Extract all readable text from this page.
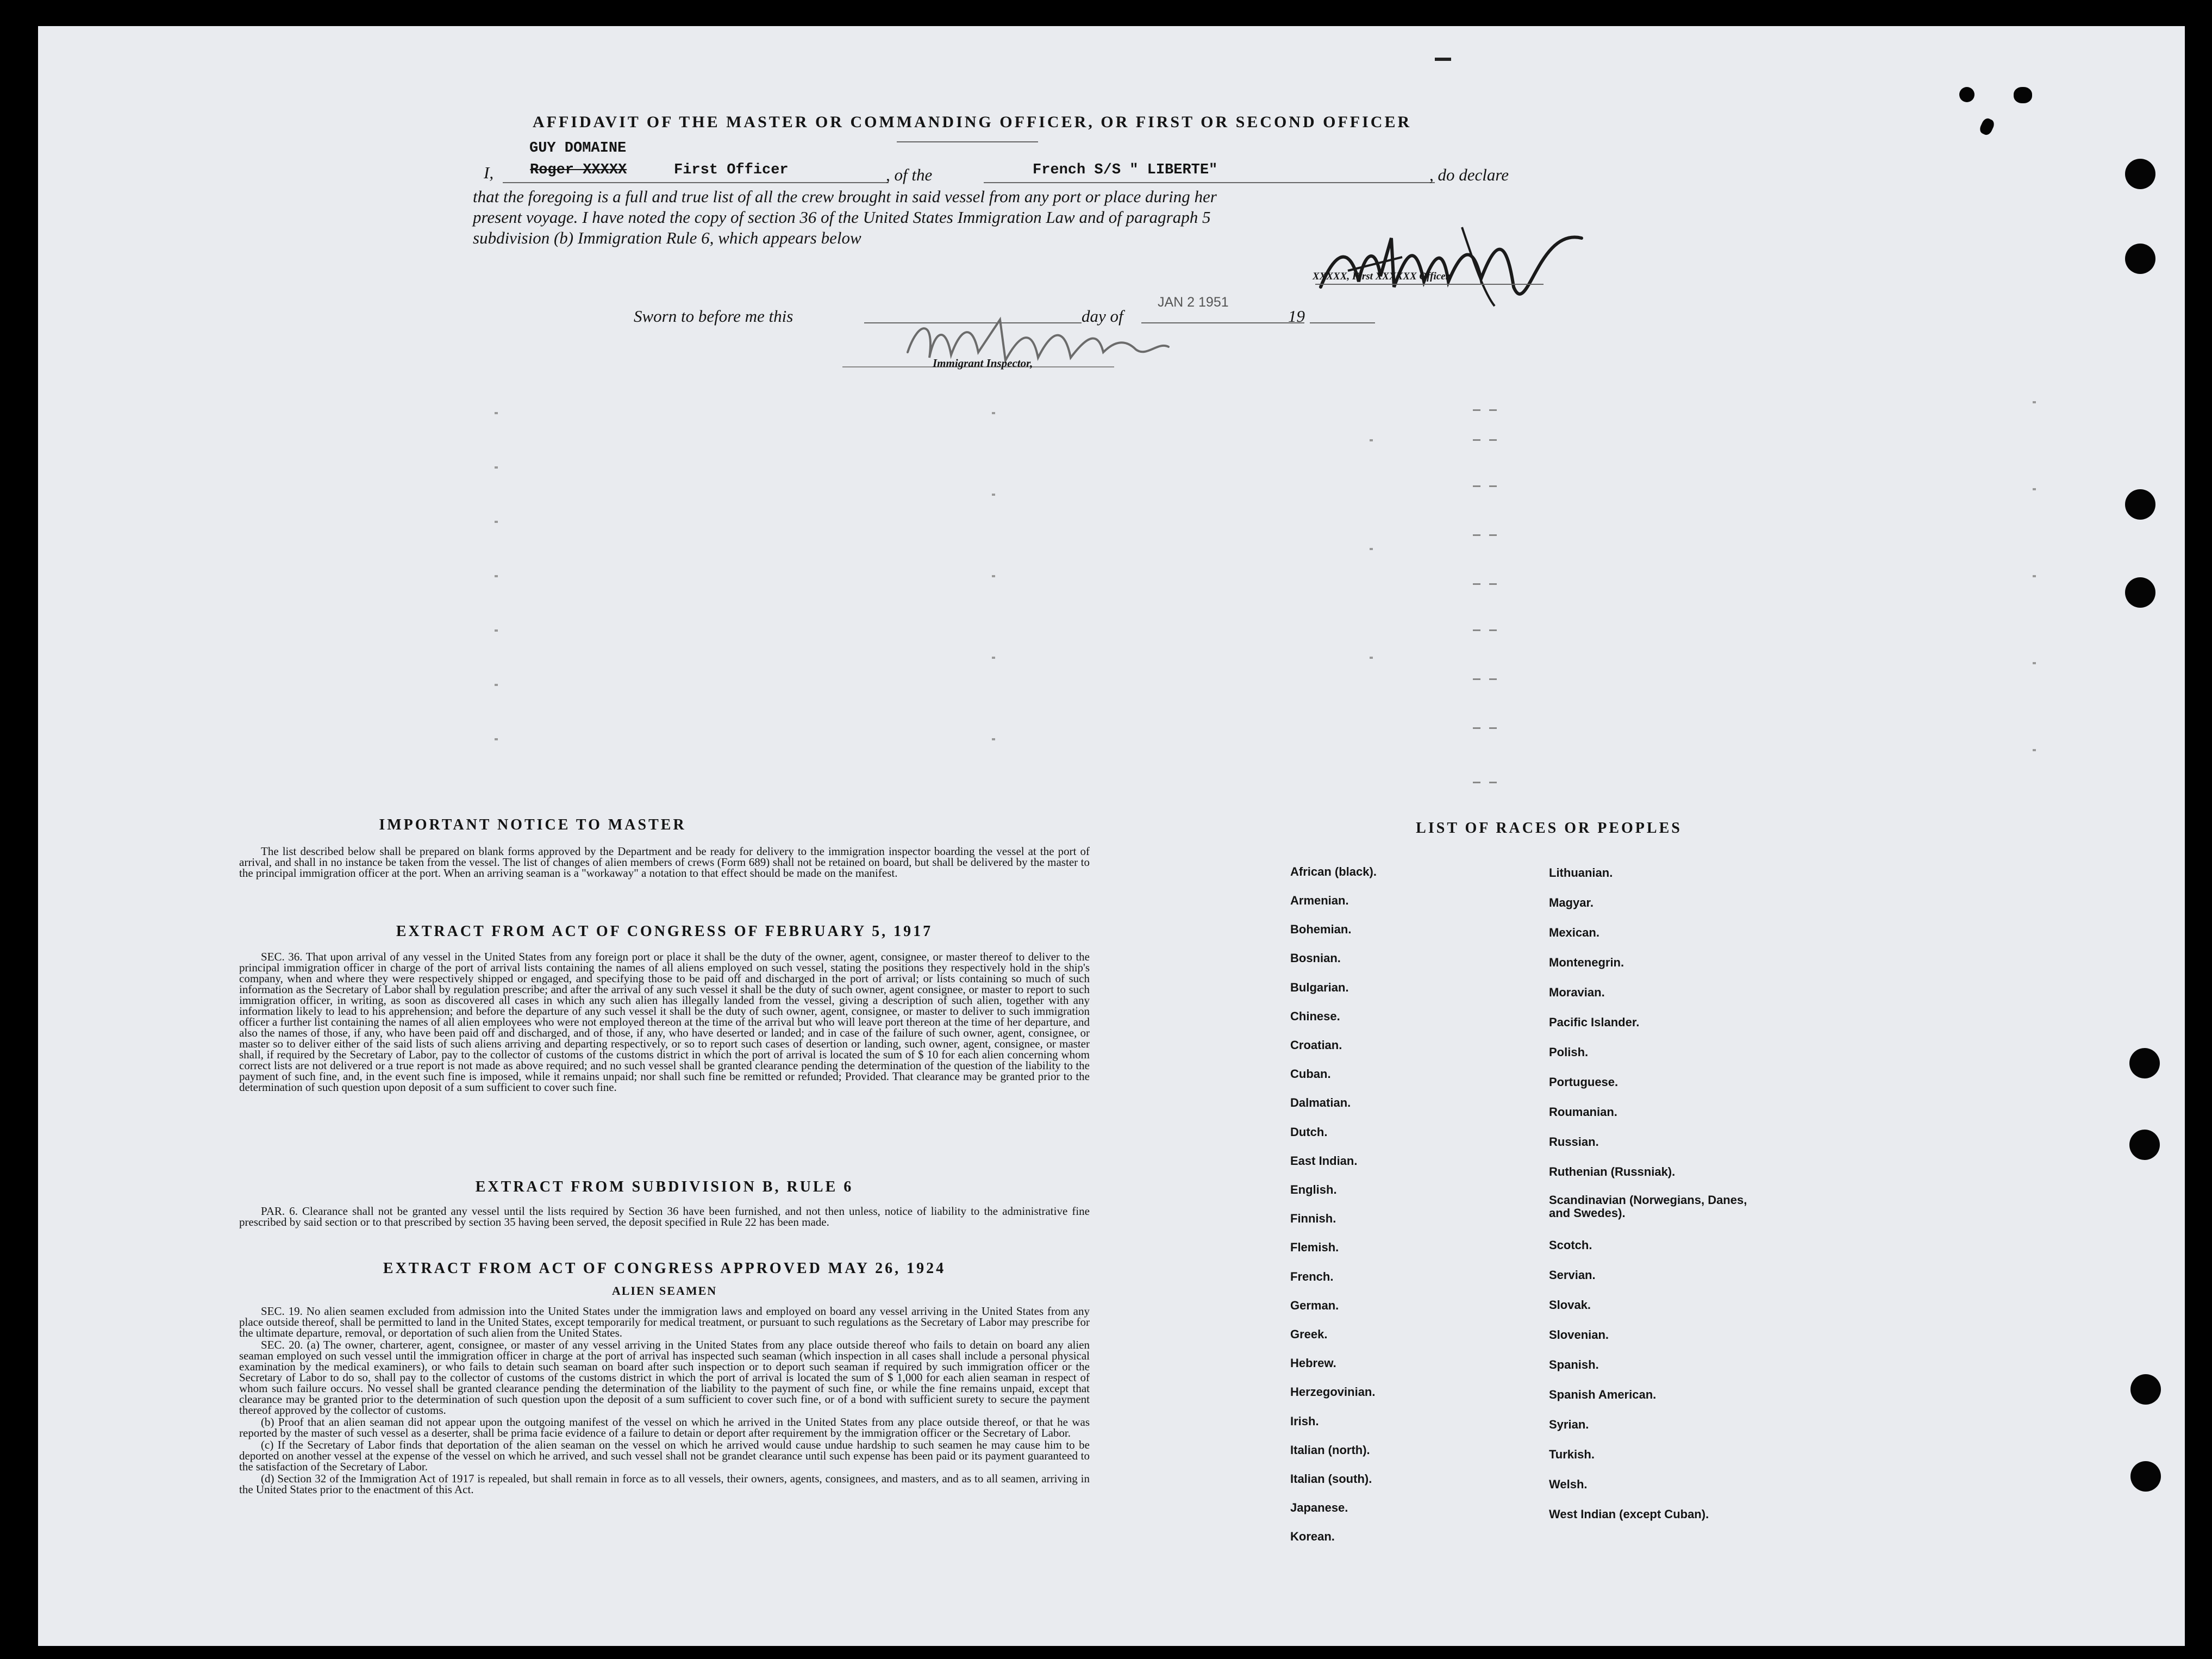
AFFIDAVIT OF THE MASTER OR COMMANDING OFFICER, OR FIRST OR SECOND OFFICER
GUY DOMAINE
I, Roger XXXXX	First Officer	, of the	French S/S " LIBERTE"	, do declare
that the foregoing is a full and true list of all the crew brought in said vessel from any port or place during her
present voyage. I have noted the copy of section 36 of the United States Immigration Law and of paragraph 5
subdivision (b) Immigration Rule 6, which appears below
XXXXX, First XXXXXX Officer.
Sworn to before me this	day of
JAN 2 1951
19
Immigrant Inspector,
IMPORTANT NOTICE TO MASTER

The list described below shall be prepared on blank forms approved by the Department and be ready for delivery to the immigration inspector boarding the vessel at the port of arrival, and shall in no instance be taken from the vessel. The list of changes of alien members of crews (Form 689) shall not be retained on board, but shall be delivered by the master to the principal immigration officer at the port. When an arriving seaman is a "workaway" a notation to that effect should be made on the manifest.

EXTRACT FROM ACT OF CONGRESS OF FEBRUARY 5, 1917

SEC. 36. That upon arrival of any vessel in the United States from any foreign port or place it shall be the duty of the owner, agent, consignee, or master thereof to deliver to the principal immigration officer in charge of the port of arrival lists containing the names of all aliens employed on such vessel, stating the positions they respectively hold in the ship's company, when and where they were respectively shipped or engaged, and specifying those to be paid off and discharged in the port of arrival; or lists containing so much of such information as the Secretary of Labor shall by regulation prescribe; and after the arrival of any such vessel it shall be the duty of such owner, agent consignee, or master to report to such immigration officer, in writing, as soon as discovered all cases in which any such alien has illegally landed from the vessel, giving a description of such alien, together with any information likely to lead to his apprehension; and before the departure of any such vessel it shall be the duty of such owner, agent, consignee, or master to deliver to such immigration officer a further list containing the names of all alien employees who were not employed thereon at the time of the arrival but who will leave port thereon at the time of her departure, and also the names of those, if any, who have been paid off and discharged, and of those, if any, who have deserted or landed; and in case of the failure of such owner, agent, consignee, or master so to deliver either of the said lists of such aliens arriving and departing respectively, or so to report such cases of desertion or landing, such owner, agent, consignee, or master shall, if required by the Secretary of Labor, pay to the collector of customs of the customs district in which the port of arrival is located the sum of $ 10 for each alien concerning whom correct lists are not delivered or a true report is not made as above required; and no such vessel shall be granted clearance pending the determination of the question of the liability to the payment of such fine, and, in the event such fine is imposed, while it remains unpaid; nor shall such fine be remitted or refunded; Provided. That clearance may be granted prior to the determination of such question upon deposit of a sum sufficient to cover such fine.

EXTRACT FROM SUBDIVISION B, RULE 6

PAR. 6. Clearance shall not be granted any vessel until the lists required by Section 36 have been furnished, and not then unless, notice of liability to the administrative fine prescribed by said section or to that prescribed by section 35 having been served, the deposit specified in Rule 22 has been made.

EXTRACT FROM ACT OF CONGRESS APPROVED MAY 26, 1924
ALIEN SEAMEN

SEC. 19. No alien seamen excluded from admission into the United States under the immigration laws and employed on board any vessel arriving in the United States from any place outside thereof, shall be permitted to land in the United States, except temporarily for medical treatment, or pursuant to such regulations as the Secretary of Labor may prescribe for the ultimate departure, removal, or deportation of such alien from the United States.

SEC. 20. (a) The owner, charterer, agent, consignee, or master of any vessel arriving in the United States from any place outside thereof who fails to detain on board any alien seaman employed on such vessel until the immigration officer in charge at the port of arrival has inspected such seaman (which inspection in all cases shall include a personal physical examination by the medical examiners), or who fails to detain such seaman on board after such inspection or to deport such seaman if required by such immigration officer or the Secretary of Labor to do so, shall pay to the collector of customs of the customs district in which the port of arrival is located the sum of $ 1,000 for each alien seaman in respect of whom such failure occurs. No vessel shall be granted clearance pending the determination of the liability to the payment of such fine, or while the fine remains unpaid, except that clearance may be granted prior to the determination of such question upon the deposit of a sum sufficient to cover such fine, or of a bond with sufficient surety to secure the payment thereof approved by the collector of customs.

(b) Proof that an alien seaman did not appear upon the outgoing manifest of the vessel on which he arrived in the United States from any place outside thereof, or that he was reported by the master of such vessel as a deserter, shall be prima facie evidence of a failure to detain or deport after requirement by the immigration officer or the Secretary of Labor.

(c) If the Secretary of Labor finds that deportation of the alien seaman on the vessel on which he arrived would cause undue hardship to such seamen he may cause him to be deported on another vessel at the expense of the vessel on which he arrived, and such vessel shall not be grandet clearance until such expense has been paid or its payment guaranteed to the satisfaction of the Secretary of Labor.

(d) Section 32 of the Immigration Act of 1917 is repealed, but shall remain in force as to all vessels, their owners, agents, consignees, and masters, and as to all seamen, arriving in the United States prior to the enactment of this Act.

LIST OF RACES OR PEOPLES
African (black).
Armenian.
Bohemian.
Bosnian.
Bulgarian.
Chinese.
Croatian.
Cuban.
Dalmatian.
Dutch.
East Indian.
English.
Finnish.
Flemish.
French.
German.
Greek.
Hebrew.
Herzegovinian.
Irish.
Italian (north).
Italian (south).
Japanese.
Korean.
Lithuanian.
Magyar.
Mexican.
Montenegrin.
Moravian.
Pacific Islander.
Polish.
Portuguese.
Roumanian.
Russian.
Ruthenian (Russniak).
Scandinavian (Norwegians, Danes, and Swedes).
Scotch.
Servian.
Slovak.
Slovenian.
Spanish.
Spanish American.
Syrian.
Turkish.
Welsh.
West Indian (except Cuban).
